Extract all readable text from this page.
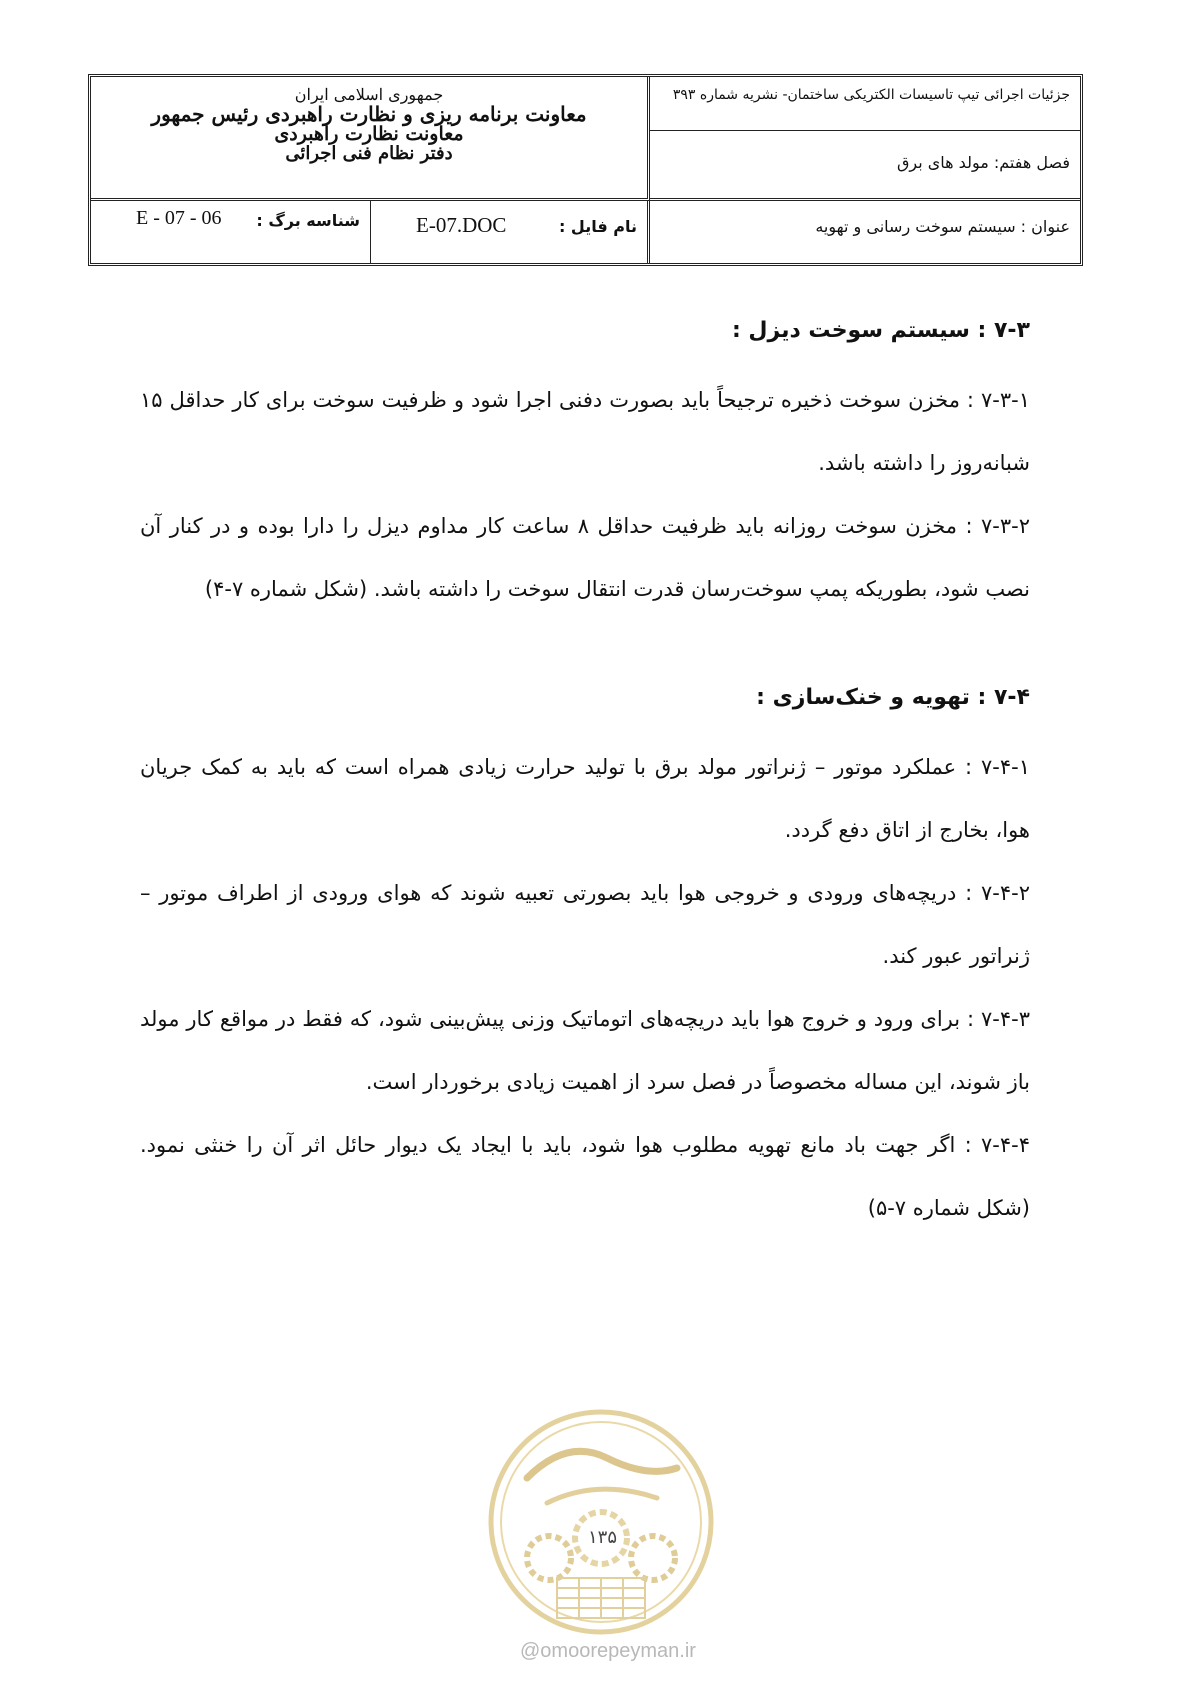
جمهوری اسلامی ایران
معاونت برنامه ریزی و نظارت راهبردی رئیس جمهور
معاونت نظارت راهبردی
دفتر نظام فنی اجرائی
جزئیات اجرائی تیپ تاسیسات الکتریکی ساختمان- نشریه شماره ۳۹۳
فصل هفتم: مولد های برق
شناسه برگ :
E - 07 - 06	نام فایل :
E-07.DOC	عنوان : سیستم سوخت رسانی و تهویه
۷-۳ : سیستم سوخت دیزل :

۷-۳-۱ : مخزن سوخت ذخیره ترجیحاً باید بصورت دفنی اجرا شود و ظرفیت سوخت برای کار حداقل ۱۵ شبانه‌روز را داشته باشد.

۷-۳-۲ : مخزن سوخت روزانه باید ظرفیت حداقل ۸ ساعت کار مداوم دیزل را دارا بوده و در کنار آن نصب شود، بطوریکه پمپ سوخت‌رسان قدرت انتقال سوخت را داشته باشد. (شکل شماره ۷-۴)

۷-۴ : تهویه و خنک‌سازی :

۷-۴-۱ : عملکرد موتور – ژنراتور مولد برق با تولید حرارت زیادی همراه است که باید به کمک جریان هوا، بخارج از اتاق دفع گردد.

۷-۴-۲ : دریچه‌های ورودی و خروجی هوا باید بصورتی تعبیه شوند که هوای ورودی از اطراف موتور – ژنراتور عبور کند.

۷-۴-۳ : برای ورود و خروج هوا باید دریچه‌های اتوماتیک وزنی پیش‌بینی شود، که فقط در مواقع کار مولد باز شوند، این مساله مخصوصاً در فصل سرد از اهمیت زیادی برخوردار است.

۷-۴-۴ : اگر جهت باد مانع تهویه مطلوب هوا شود، باید با ایجاد یک دیوار حائل اثر آن را خنثی نمود. (شکل شماره ۷-۵)

۱۳۵
@omoorepeyman.ir
